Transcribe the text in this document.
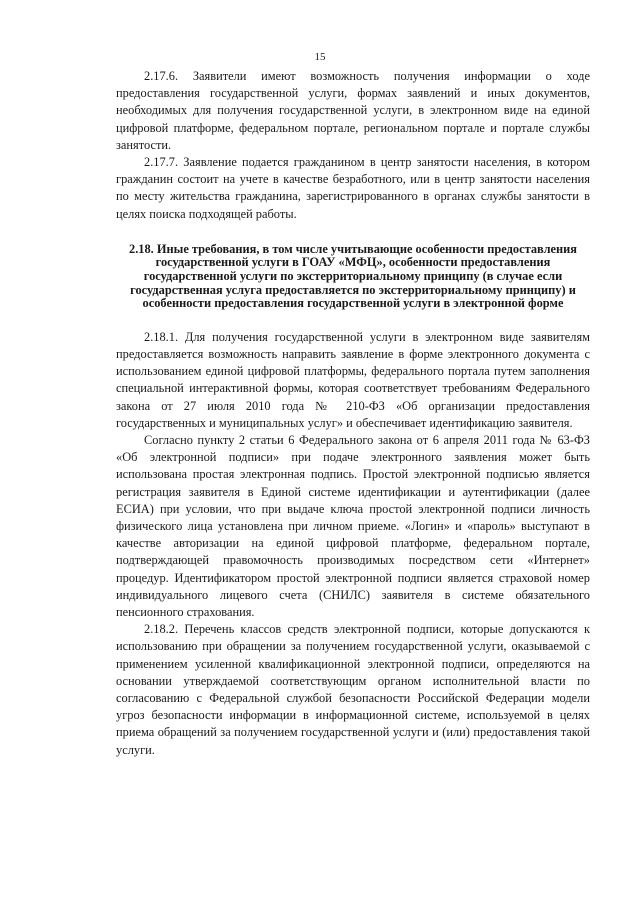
15

2.17.6. Заявители имеют возможность получения информации о ходе предоставления государственной услуги, формах заявлений и иных документов, необходимых для получения государственной услуги, в электронном виде на единой цифровой платформе, федеральном портале, региональном портале и портале службы занятости.

2.17.7. Заявление подается гражданином в центр занятости населения, в котором гражданин состоит на учете в качестве безработного, или в центр занятости населения по месту жительства гражданина, зарегистрированного в органах службы занятости в целях поиска подходящей работы.

2.18. Иные требования, в том числе учитывающие особенности предоставления государственной услуги в ГОАУ «МФЦ», особенности предоставления государственной услуги по экстерриториальному принципу (в случае если государственная услуга предоставляется по экстерриториальному принципу) и особенности предоставления государственной услуги в электронной форме

2.18.1. Для получения государственной услуги в электронном виде заявителям предоставляется возможность направить заявление в форме электронного документа с использованием единой цифровой платформы, федерального портала путем заполнения специальной интерактивной формы, которая соответствует требованиям Федерального закона от 27 июля 2010 года № 210-ФЗ «Об организации предоставления государственных и муниципальных услуг» и обеспечивает идентификацию заявителя.

Согласно пункту 2 статьи 6 Федерального закона от 6 апреля 2011 года № 63-ФЗ «Об электронной подписи» при подаче электронного заявления может быть использована простая электронная подпись. Простой электронной подписью является регистрация заявителя в Единой системе идентификации и аутентификации (далее ЕСИА) при условии, что при выдаче ключа простой электронной подписи личность физического лица установлена при личном приеме. «Логин» и «пароль» выступают в качестве авторизации на единой цифровой платформе, федеральном портале, подтверждающей правомочность производимых посредством сети «Интернет» процедур. Идентификатором простой электронной подписи является страховой номер индивидуального лицевого счета (СНИЛС) заявителя в системе обязательного пенсионного страхования.

2.18.2. Перечень классов средств электронной подписи, которые допускаются к использованию при обращении за получением государственной услуги, оказываемой с применением усиленной квалификационной электронной подписи, определяются на основании утверждаемой соответствующим органом исполнительной власти по согласованию с Федеральной службой безопасности Российской Федерации модели угроз безопасности информации в информационной системе, используемой в целях приема обращений за получением государственной услуги и (или) предоставления такой услуги.
